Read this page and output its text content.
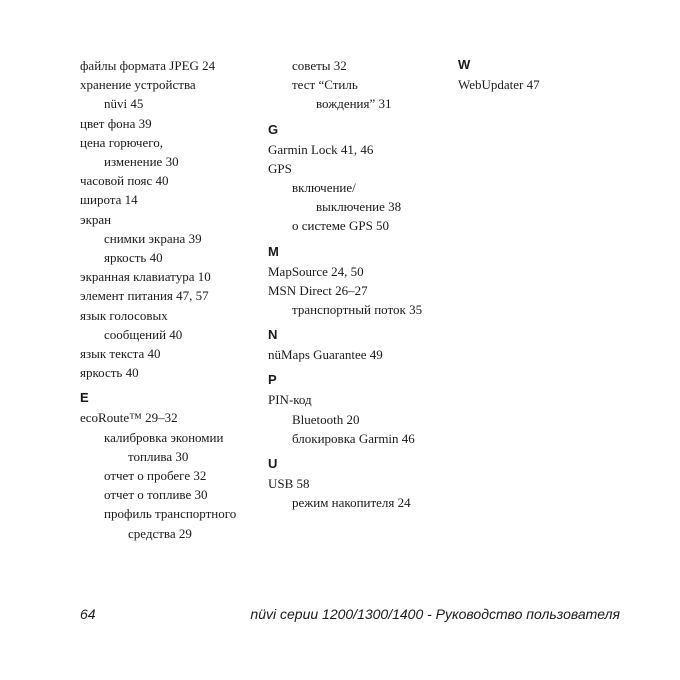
файлы формата JPEG 24
хранение устройства
nüvi 45
цвет фона 39
цена горючего,
изменение 30
часовой пояс 40
широта 14
экран
снимки экрана 39
яркость 40
экранная клавиатура 10
элемент питания 47, 57
язык голосовых
сообщений 40
язык текста 40
яркость 40
E
ecoRoute™ 29–32
калибровка экономии
топлива 30
отчет о пробеге 32
отчет о топливе 30
профиль транспортного
средства 29
советы 32
тест “Стиль
вождения” 31
G
Garmin Lock 41, 46
GPS
включение/
выключение 38
о системе GPS 50
M
MapSource 24, 50
MSN Direct 26–27
транспортный поток 35
N
nüMaps Guarantee 49
P
PIN-код
Bluetooth 20
блокировка Garmin 46
U
USB 58
режим накопителя 24
W
WebUpdater 47
64	nüvi серии 1200/1300/1400 - Руководство пользователя
